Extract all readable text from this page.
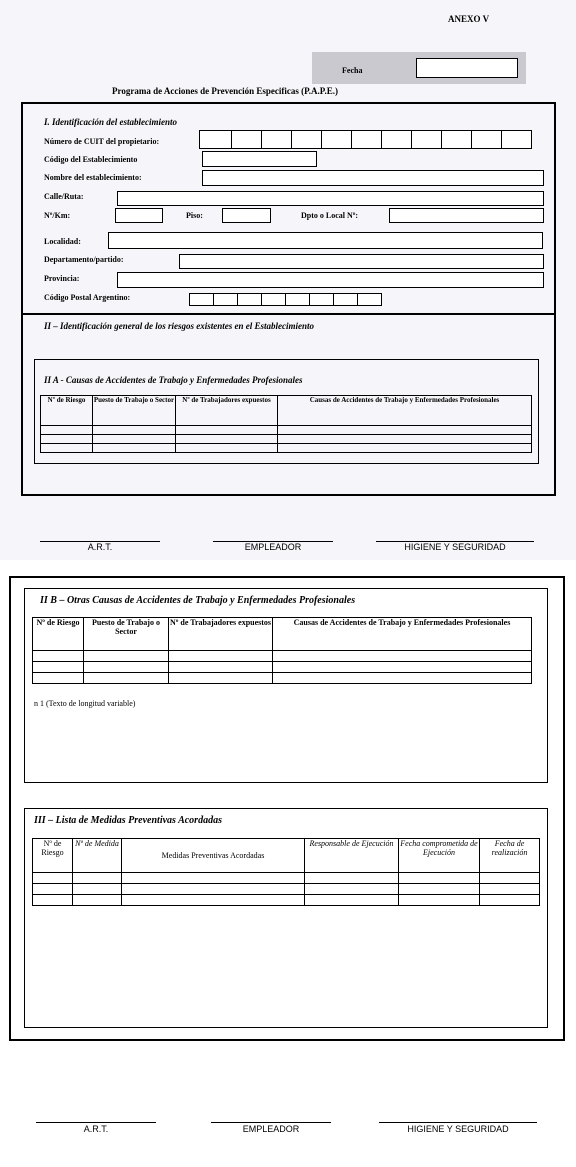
ANEXO V
Fecha
Programa de Acciones de Prevención Especificas (P.A.P.E.)
I. Identificación del establecimiento
Número de CUIT del propietario:
Código del Establecimiento
Nombre del establecimiento:
Calle/Ruta:
Nº/Km:	Piso:	Dpto o Local Nº:
Localidad:
Departamento/partido:
Provincia:
Código Postal Argentino:
II – Identificación general de los riesgos existentes en el Establecimiento
II A - Causas de Accidentes de Trabajo y Enfermedades Profesionales
Nº de Riesgo	Puesto de Trabajo o Sector	Nº de Trabajadores expuestos	Causas de Accidentes de Trabajo y Enfermedades Profesionales

A.R.T.	EMPLEADOR	HIGIENE Y SEGURIDAD
II B – Otras Causas de Accidentes de Trabajo y Enfermedades Profesionales
Nº de Riesgo	Puesto de Trabajo o Sector	Nº de Trabajadores expuestos	Causas de Accidentes de Trabajo y Enfermedades Profesionales

n 1 (Texto de longitud variable)
III – Lista de Medidas Preventivas Acordadas
Nº de Riesgo	Nº de Medida	Medidas Preventivas Acordadas	Responsable de Ejecución	Fecha comprometida de Ejecución	Fecha de realización

A.R.T.	EMPLEADOR	HIGIENE Y SEGURIDAD
